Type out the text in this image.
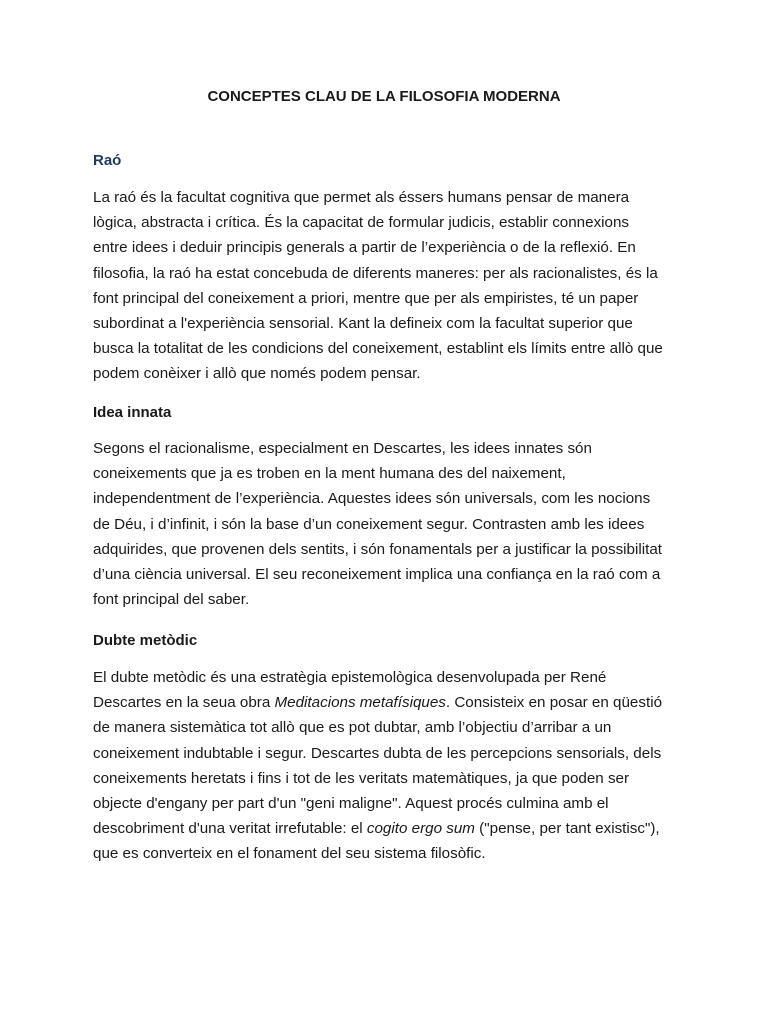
CONCEPTES CLAU DE LA FILOSOFIA MODERNA
Raó
La raó és la facultat cognitiva que permet als éssers humans pensar de manera
lògica, abstracta i crítica. És la capacitat de formular judicis, establir connexions
entre idees i deduir principis generals a partir de l’experiència o de la reflexió. En
filosofia, la raó ha estat concebuda de diferents maneres: per als racionalistes, és la
font principal del coneixement a priori, mentre que per als empiristes, té un paper
subordinat a l'experiència sensorial. Kant la defineix com la facultat superior que
busca la totalitat de les condicions del coneixement, establint els límits entre allò que
podem conèixer i allò que només podem pensar.
Idea innata
Segons el racionalisme, especialment en Descartes, les idees innates són
coneixements que ja es troben en la ment humana des del naixement,
independentment de l’experiència. Aquestes idees són universals, com les nocions
de Déu, i d’infinit, i són la base d’un coneixement segur. Contrasten amb les idees
adquirides, que provenen dels sentits, i són fonamentals per a justificar la possibilitat
d’una ciència universal. El seu reconeixement implica una confiança en la raó com a
font principal del saber.
Dubte metòdic
El dubte metòdic és una estratègia epistemològica desenvolupada per René
Descartes en la seua obra Meditacions metafísiques. Consisteix en posar en qüestió
de manera sistemàtica tot allò que es pot dubtar, amb l’objectiu d’arribar a un
coneixement indubtable i segur. Descartes dubta de les percepcions sensorials, dels
coneixements heretats i fins i tot de les veritats matemàtiques, ja que poden ser
objecte d'engany per part d'un "geni maligne". Aquest procés culmina amb el
descobriment d'una veritat irrefutable: el cogito ergo sum ("pense, per tant existisc"),
que es converteix en el fonament del seu sistema filosòfic.
